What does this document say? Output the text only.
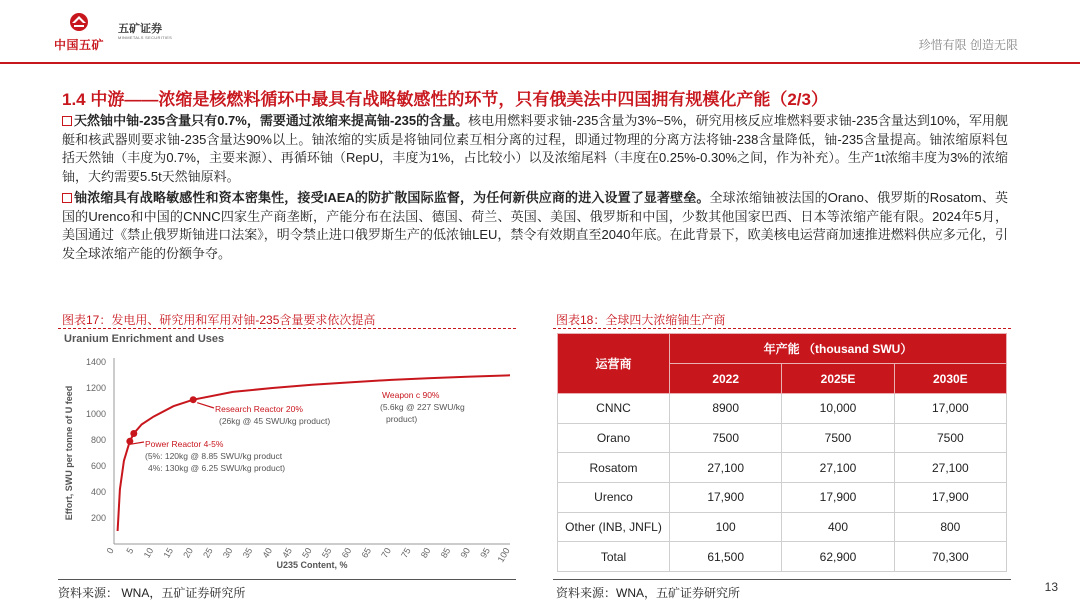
中国五矿
五矿证券
MINMETALS SECURITIES
珍惜有限 创造无限
1.4 中游——浓缩是核燃料循环中最具有战略敏感性的环节，只有俄美法中四国拥有规模化产能（2/3）

天然铀中铀-235含量只有0.7%，需要通过浓缩来提高铀-235的含量。核电用燃料要求铀-235含量为3%~5%，研究用核反应堆燃料要求铀-235含量达到10%，军用舰艇和核武器则要求铀-235含量达90%以上。铀浓缩的实质是将铀同位素互相分离的过程，即通过物理的分离方法将铀-238含量降低，铀-235含量提高。铀浓缩原料包括天然铀（丰度为0.7%，主要来源）、再循环铀（RepU，丰度为1%，占比较小）以及浓缩尾料（丰度在0.25%-0.30%之间，作为补充）。生产1t浓缩丰度为3%的浓缩铀，大约需要5.5t天然铀原料。

铀浓缩具有战略敏感性和资本密集性，接受IAEA的防扩散国际监督，为任何新供应商的进入设置了显著壁垒。全球浓缩铀被法国的Orano、俄罗斯的Rosatom、英国的Urenco和中国的CNNC四家生产商垄断，产能分布在法国、德国、荷兰、英国、美国、俄罗斯和中国，少数其他国家巴西、日本等浓缩产能有限。2024年5月，美国通过《禁止俄罗斯铀进口法案》，明令禁止进口俄罗斯生产的低浓铀LEU，禁令有效期直至2040年底。在此背景下，欧美核电运营商加速推进燃料供应多元化，引发全球浓缩产能的份额争夺。

图表17：发电用、研究用和军用对铀-235含量要求依次提高
Uranium Enrichment and Uses
200
400
600
800
1000
1200
1400
0 5 10 15 20 25 30 35 40 45 50 55 60 65 70 75 80 85 90 95 100
U235 Content, %
Effort, SWU per tonne of U feed	Weapon c 90%
(5.6kg @ 227 SWU/kg
product)
Research Reactor 20%
(26kg @ 45 SWU/kg product)
Power Reactor 4-5%
(5%: 120kg @ 8.85 SWU/kg product
4%: 130kg @ 6.25 SWU/kg product)
图表18：全球四大浓缩铀生产商
运营商	年产能 （thousand SWU）		
	2022	2025E	2030E
CNNC	8900	10,000	17,000
Orano	7500	7500	7500
Rosatom	27,100	27,100	27,100
Urenco	17,900	17,900	17,900
Other (INB, JNFL)	100	400	800
Total	61,500	62,900	70,300
资料来源： WNA，五矿证券研究所	资料来源：WNA，五矿证券研究所	13
